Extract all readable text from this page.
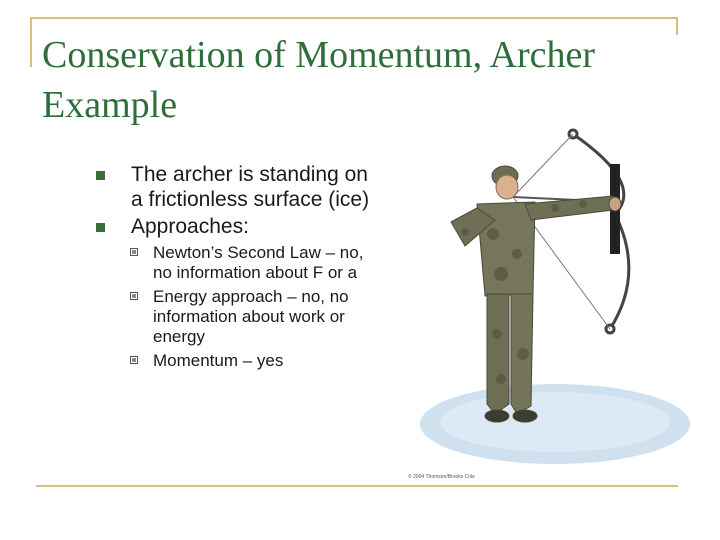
Conservation of Momentum, Archer
Example
The archer is standing on
a frictionless surface (ice)
Approaches:
Newton’s Second Law – no,
no information about F or a
Energy approach – no, no
information about work or
energy
Momentum – yes
© 2004 Thomson/Brooks Cole
